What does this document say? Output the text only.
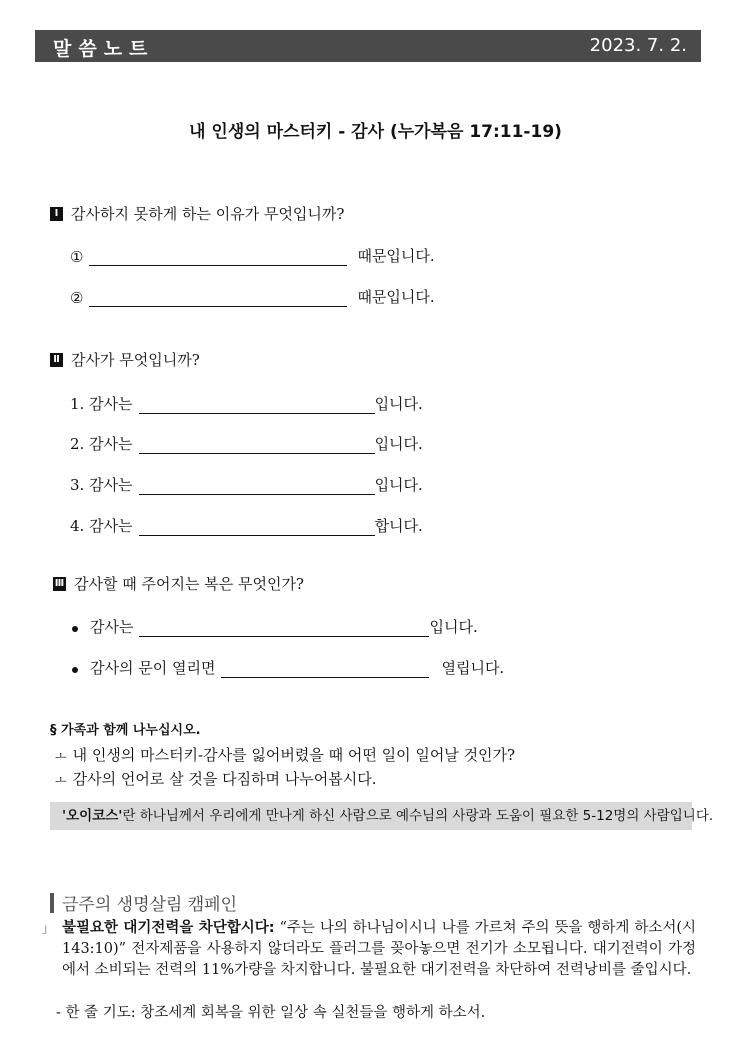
말씀노트	2023. 7. 2.
내 인생의 마스터키 - 감사 (누가복음 17:11-19)
Ⅰ 감사하지 못하게 하는 이유가 무엇입니까?
①	때문입니다.
②	때문입니다.
Ⅱ 감사가 무엇입니까?
1. 감사는	입니다.
2. 감사는	입니다.
3. 감사는	입니다.
4. 감사는	합니다.
Ⅲ 감사할 때 주어지는 복은 무엇인가?
감사는	입니다.
감사의 문이 열리면	열립니다.
§ 가족과 함께 나누십시오.
ㅗ 내 인생의 마스터키-감사를 잃어버렸을 때 어떤 일이 일어날 것인가?
ㅗ 감사의 언어로 살 것을 다짐하며 나누어봅시다.
'오이코스'란 하나님께서 우리에게 만나게 하신 사람으로 예수님의 사랑과 도움이 필요한 5-12명의 사람입니다.
금주의 생명살림 캠페인
」 불필요한 대기전력을 차단합시다: “주는 나의 하나님이시니 나를 가르쳐 주의 뜻을 행하게 하소서(시 143:10)” 전자제품을 사용하지 않더라도 플러그를 꽂아놓으면 전기가 소모됩니다. 대기전력이 가정에서 소비되는 전력의 11%가량을 차지합니다. 불필요한 대기전력을 차단하여 전력낭비를 줄입시다.
- 한 줄 기도: 창조세계 회복을 위한 일상 속 실천들을 행하게 하소서.
